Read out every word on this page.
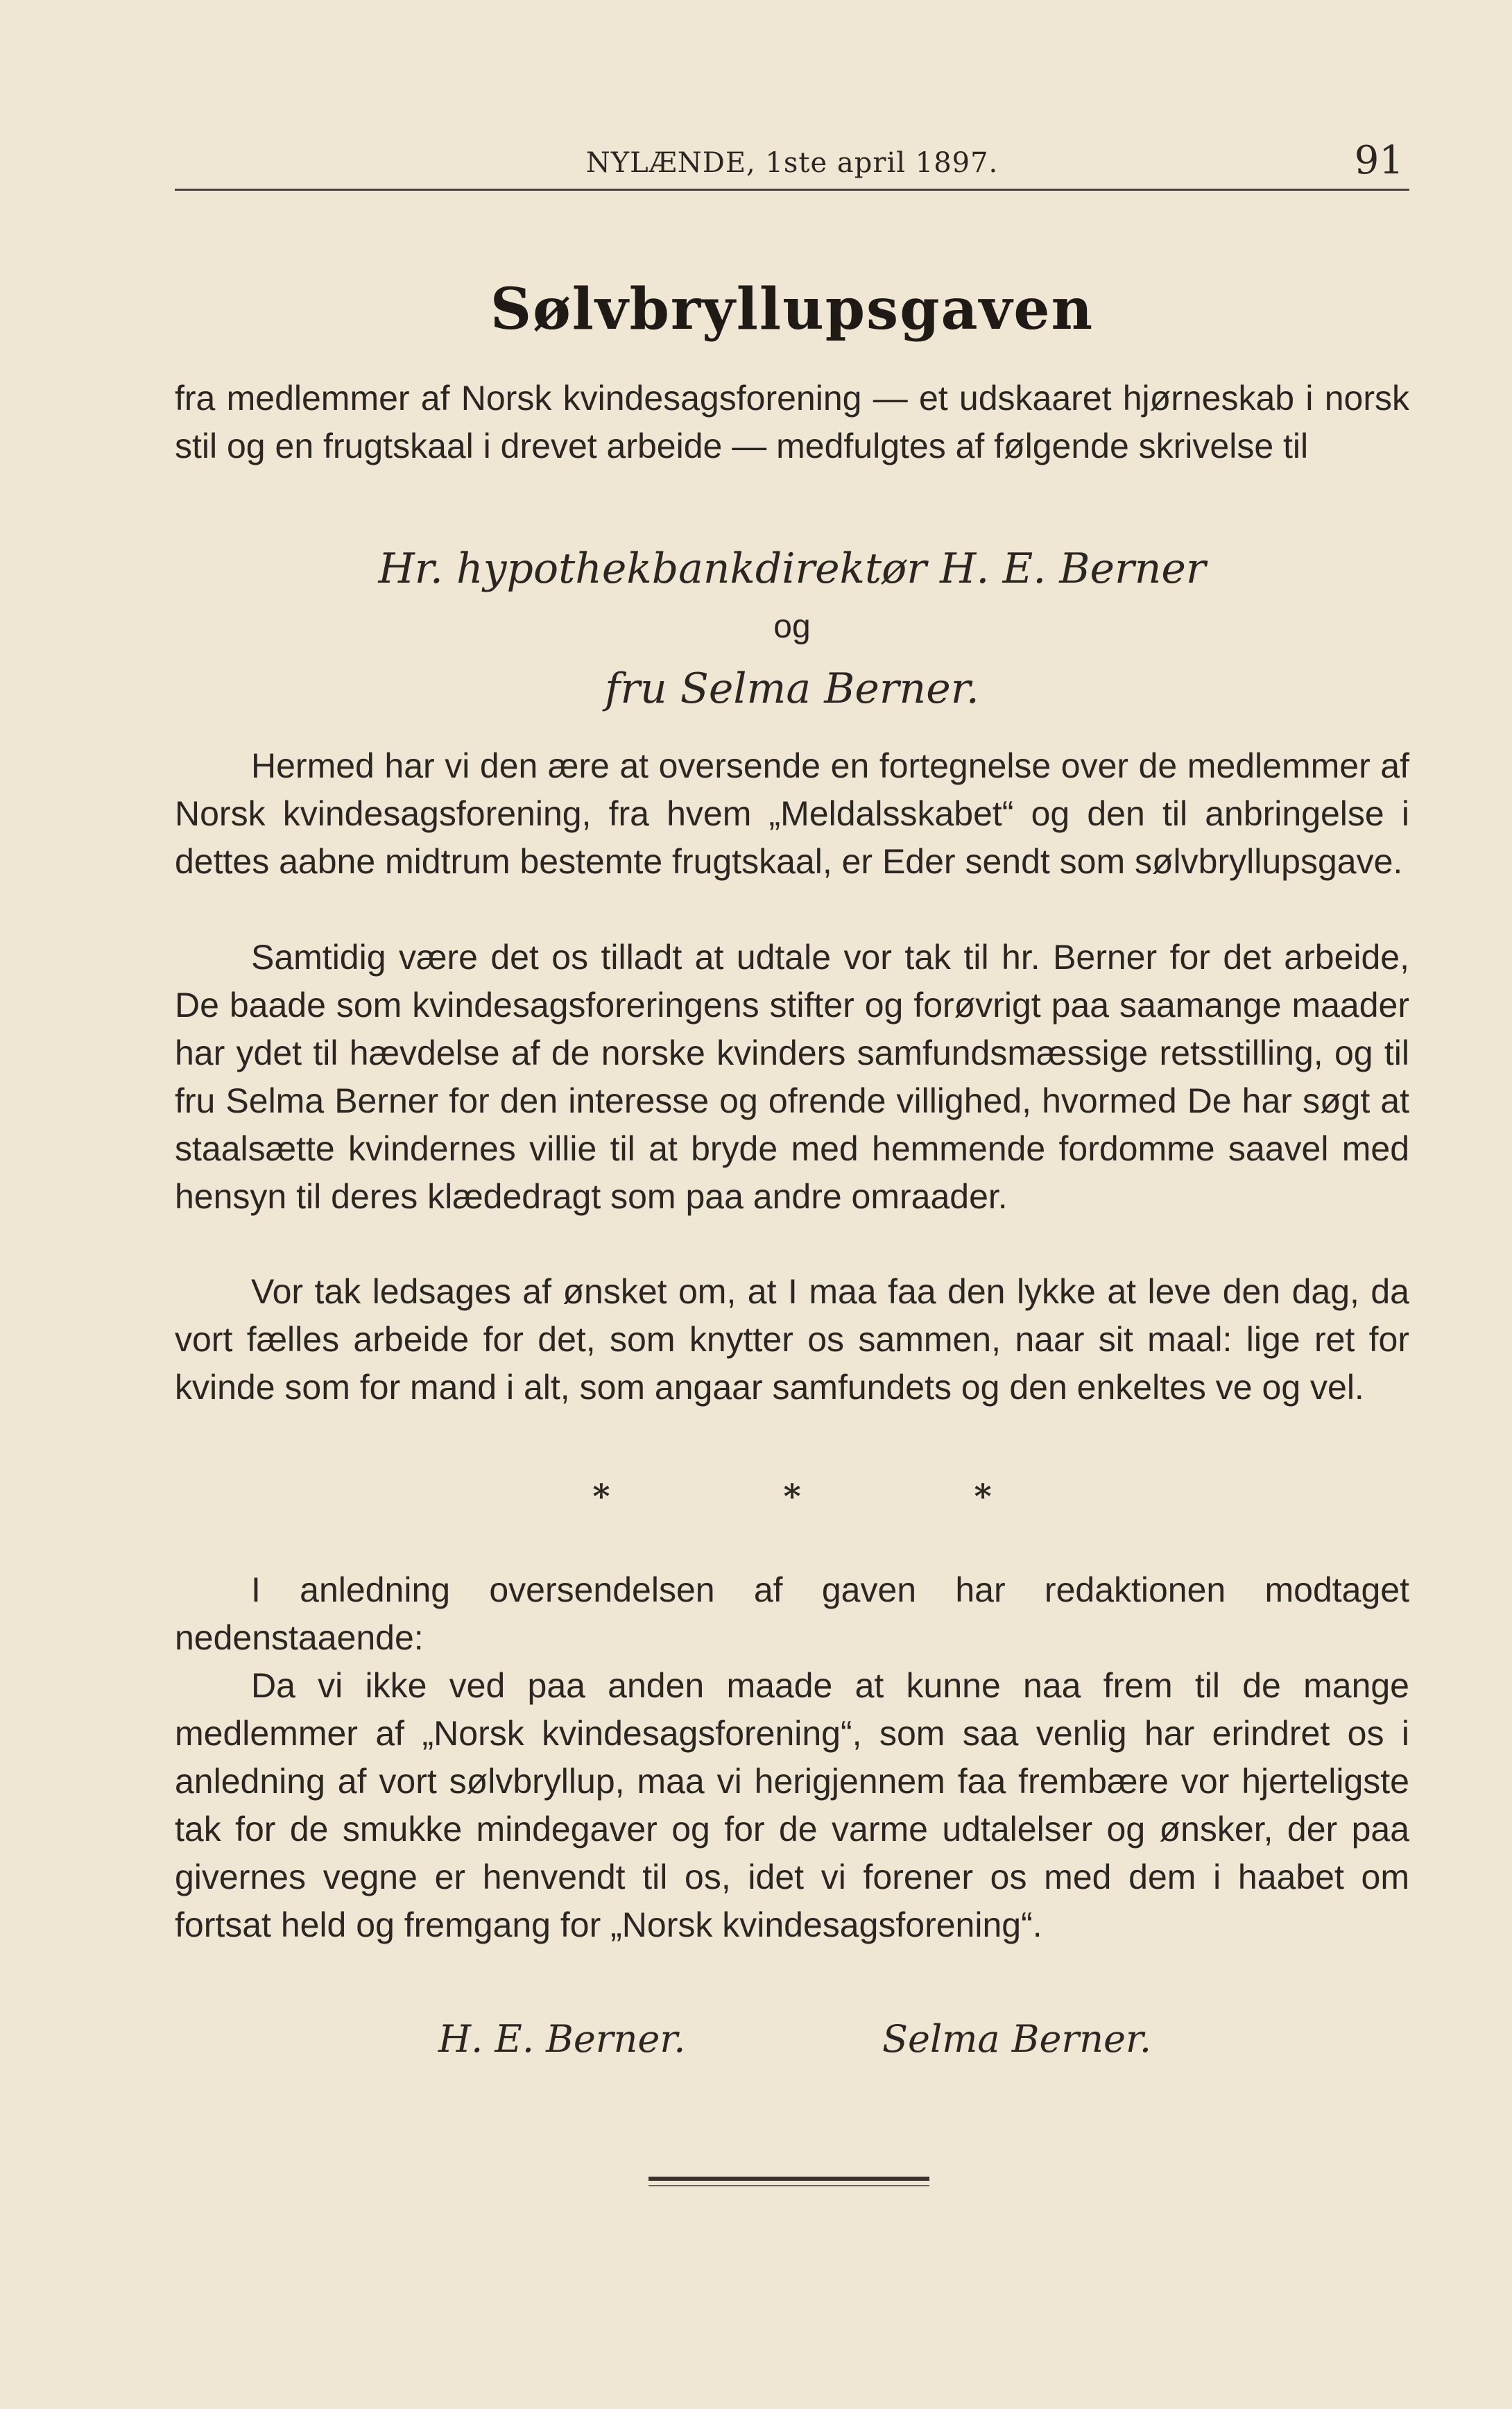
NYLÆNDE, 1ste april 1897.	91
Sølvbryllupsgaven

fra medlemmer af Norsk kvindesagsforening — et udskaaret hjørneskab i norsk stil og en frugtskaal i drevet arbeide — medfulgtes af følgende skrivelse til

Hr. hypothekbankdirektør H. E. Berner
og
fru Selma Berner.

Hermed har vi den ære at oversende en fortegnelse over de medlemmer af Norsk kvindesagsforening, fra hvem „Meldalsskabet“ og den til anbringelse i dettes aabne midtrum bestemte frugtskaal, er Eder sendt som sølvbryllupsgave.

Samtidig være det os tilladt at udtale vor tak til hr. Berner for det arbeide, De baade som kvindesagsforeringens stifter og forøvrigt paa saamange maader har ydet til hævdelse af de norske kvinders samfundsmæssige retsstilling, og til fru Selma Berner for den interesse og ofrende villighed, hvormed De har søgt at staalsætte kvindernes villie til at bryde med hemmende fordomme saavel med hensyn til deres klædedragt som paa andre omraader.

Vor tak ledsages af ønsket om, at I maa faa den lykke at leve den dag, da vort fælles arbeide for det, som knytter os sammen, naar sit maal: lige ret for kvinde som for mand i alt, som angaar samfundets og den enkeltes ve og vel.

*	*	*

I anledning oversendelsen af gaven har redaktionen modtaget nedenstaaende:

Da vi ikke ved paa anden maade at kunne naa frem til de mange medlemmer af „Norsk kvindesagsforening“, som saa venlig har erindret os i anledning af vort sølvbryllup, maa vi herigjennem faa frembære vor hjerteligste tak for de smukke mindegaver og for de varme udtalelser og ønsker, der paa givernes vegne er henvendt til os, idet vi forener os med dem i haabet om fortsat held og fremgang for „Norsk kvindesagsforening“.

H. E. Berner.	Selma Berner.
